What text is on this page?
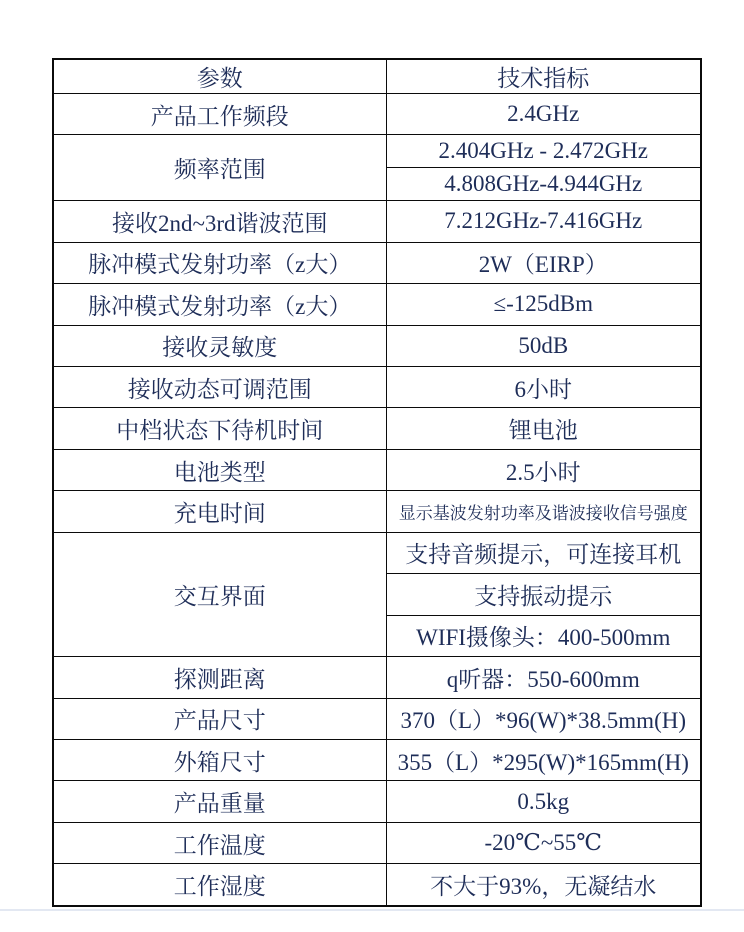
参数	技术指标
产品工作频段	2.4GHz
频率范围	2.404GHz - 2.472GHz
	4.808GHz-4.944GHz
接收2nd~3rd谐波范围	7.212GHz-7.416GHz
脉冲模式发射功率（z大）	2W（EIRP）
脉冲模式发射功率（z大）	≤-125dBm
接收灵敏度	50dB
接收动态可调范围	6小时
中档状态下待机时间	锂电池
电池类型	2.5小时
充电时间	显示基波发射功率及谐波接收信号强度
交互界面	支持音频提示，可连接耳机
	支持振动提示
	WIFI摄像头：400-500mm
探测距离	q听器：550-600mm
产品尺寸	370（L）*96(W)*38.5mm(H)
外箱尺寸	355（L）*295(W)*165mm(H)
产品重量	0.5kg
工作温度	-20℃~55℃
工作湿度	不大于93%，无凝结水
